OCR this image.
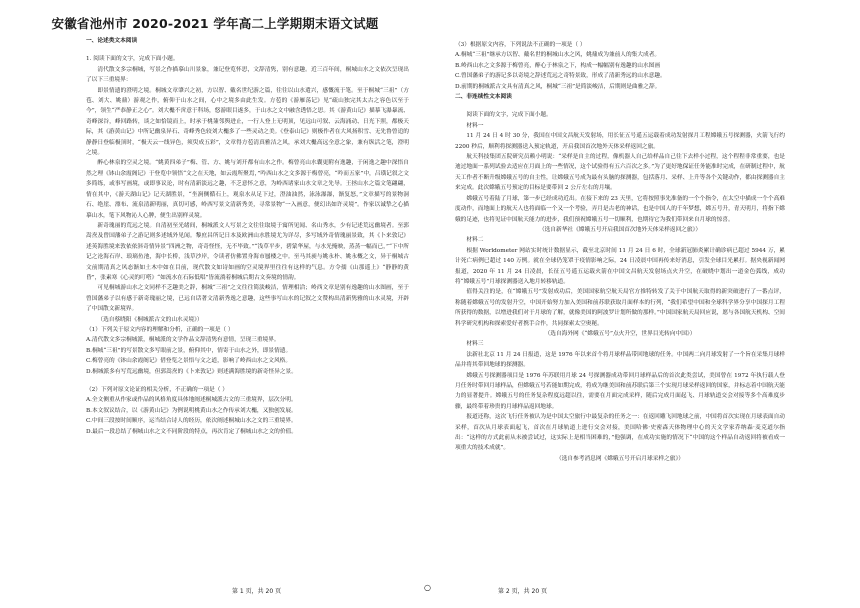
安徽省池州市 2020-2021 学年高二上学期期末语文试题

一、论述类文本阅读

1. 阅读下面的文字，完成下面小题。

清代散文多宗桐城，写景之作描摹山川景象，兼记登览怀思，文辞清隽，别有意趣。近三百年间，桐城山水之文依次呈现出了以下三重境界：

即景情遗的澄明之境。桐城文章肇兴之初，方以智、戴名世纪游之篇，往往以山水遣兴，感慨流于笔。至于桐城“三祖”（方苞、刘大、姚鼐）游观之作，俯仰于山水之间，心中之境多由此生发。方苞的《游雁荡记》见“疏山独完其太古之容色以至于今”，领生“严恭静正之心”。刘大櫆不啻意于科场，悠游眼目遂多，于山水之文中融含透悟之思。其《游黄山记》描摹飞瀑暴流、奇峰深谷，峰回路转，谈之如恰镜而上，时承于桃蒹邻舆进止，一行人登上无明顶，见远山可叙、云海涌动、日光下照，都极天际，其《游黄山记》中所记幽泉异石、奇峰秀色较刘大櫆多了一些灵动之美。《登泰山记》则极作者在大风扬积雪、无先鲁曾追的静静日登临极顶时，“极天云一线异色，须臾成五彩”，文章得方苞清真雅洁之风，承刘大櫆高远全意之象，兼有纵活之笔，澄明之境。

醉心林泉的空灵之境。“姚黄四弟子”梅、管、方、姚与刘开都有山水之作。梅曾亮山水囊更附有逸趣，于闲逸之趣中深悟自然之理《钵山余霞阁记》于登览中领悟“文之在天地，如云霞所聚焉，”吟西山水之文多源于梅曾亮，“吟而五家”中，吕璜记叙之文多简练，或事写画境，或即事议论，时有清新淡远之趣，不乏意怀之意，为岭西诸家山水文章之先导。王拯山水之篇文笔翩翩，情在其中，《游天湖山记》记天湖胜景，“坐涧侧循石上，观泉水从足下过，澄油油然，泳泳瀑瀑，渐复怒，”文章描写的景物洞石、绝崖、漂布、流泉清新明丽，真切可感，岭西写景文清新秀美，寻常景物“一入画意，便幻出如许灵境”。作家以诚挚之心描摹山水，笔下风物沁人心脾，便生出别样灵境。

新奇瑰丽的荒远之境。自清初至光绪间，桐城派文人写景之文往往取境于寓所见闻、名山秀水，少有记述荒远幽境者。至郭嵩焘及曾国藩弟子之游记则多述域外见闻。黎庶昌所记日本及欧洲山水胜境尤为详尽，多写域外奇情瑰丽景致，其《卜来敦记》述英海胜境来敦依依斜奇情异景“四洲之物，奇奇怪怪，无不毕致。”“浅草平步，碧蒙华屋，与水光掩映，蒸蒸一幅而已，”“下中所记之沧海石岸、琅璃鱼池，海中长桥，浅草沙岸，令读者仿佛置身海市蜃楼之中。至马其昶与姚永朴、姚永概之文，异于桐城古文前期清真之风态渐如土木中如在目前，现代散文如诗如画的空灵境界里往往有这样的气息。方令孺《山那遥上》“静静的黄昏”，张素寒《心灵的叮嗒》“如流水在石际低唱”皆流淌着桐城后期古文奏境的情韵。

可见桐城游山水之文同样不乏趣美之辞，桐城“三祖”之文往往简淡峻洁，情理相洽；岭西文章是别有逸趣的山水图画，至于曾国藩弟子以有感于新奇瑰丽之境，已远自话著文清新秀逸之意趣，这些事写山水的记叙之文赞构出清新隽雅的山水灵境，开辟了中国散文新境界。

（选自蔡晓阳《桐城派古文的山水灵境》）

（1）下列关于原文内容的理解和分析，正确的一项是（ ）

A.清代散文多宗桐城派，桐城派的文学作品文辞清隽有意情，呈现三重境界。

B.桐城“三祖”的写景散文多写眼前之景，俯仰其中，情寄于山水之外，即景情遗。

C.梅曾亮的《钵山余霞阁记》借登览之景悟与文之道，影响了岭西山水之文风格。

D.桐城派多有写荒远幽境，但郭嵩焘的《卜来敦记》则述满海胜境的新奇怪异之景。

（2）下列对原文论证的相关分析，不正确的一项是（ ）

A.全文侧重从作家或作品的风格角度具体地阐述桐城派古文的三重境界，层次分明。

B.本文叙议结合，以《游黄山记》为例说明桃黄山水之作传承刘大櫆，又独创发展。

C.中间三段按时间顺序，运当结合诗人的经历，依次阐述桐城山水之文的三重境界。

D.最后一段总结了桐城山水之文不同阶段的特点，再次肯定了桐城山水之文的价值。

（3）根据原文内容，下列说法不正确的一项是（ ）

A.桐城“三祖”继承方以智、戴名世的桐城山水之风，姚鼐成为兼前人的集大成者。

B.岭西山水之文多源于梅曾亮，醉心于林泉之下，构成一幅幅别有逸趣的山水图画

C.曾国藩弟子的游记多以奇境之辞述荒远之奇特景致，形成了清新秀远的山水意趣。

D.前期的桐城派古文具有清真之风，桐城“三祖”是简淡峻洁，后期则是曲雅之辞。

二、非连续性文本阅读

阅读下面的文字，完成下面小题。

材料一

11 月 24 日 4 时 30 分，我国在中国文昌航天发射场，用长征五号遥五运载着成功发射探月工程嫦娥五号探测器，火箭飞行约 2200 秒后，顺利将探测器送入预定轨道，开启我国首次地外天体采样返回之旅。

航天科技集团五院研究员赖小明说：“采样是自主的过程，像机器人自己给样品自己往下去样小过程，这个程程非常重要，也是迪过地面一系列试验去适应在月面上的一些情况，这个试验得有五六百次之多。”为了更好地保证任务能准时完成，在研制过程中，航天工作者不断升级嫦娥五号的自主性，让嫦娥五号成为最有头脑的探测器，包括落月、采样、上升等各个关键动作，都由探测器自主来完成。此次嫦娥五号预定的目标是要带回 2 公斤左右的月壤。

嫦娥五号着陆了月球，第一步已经成功近出。在接下来的 23 天里，它将按照事先准备的一个个指令，在太空中描成一个个高难度动作，而地面上的航天人也将面临一个又一个考验，弄月是古老的神话，也是中国人的千年梦想，嫦五号升，青天明月，将指下嫦娥的足迹，也将见证中国航天能力的进步，我们预祝嫦娥五号一切顺利，也期待它为我们带回来自月球的惊喜。

（选自新华社《嫦娥五号开启我国首次地外天体采样返回之旅》）

材料二

根据 Worldometer 网站实时统计数据显示，截至北京时间 11 月 24 日 6 时，全球新冠肺炎累计确诊病已超过 5944 万，累计死亡病例已超过 140 万例。就在全球仍笼罩于疫情影响之际，24 日凌晨中国再传来好消息，引发全球目光累打。据央视新闻网报道，2020 年 11 月 24 日凌晨，长征五号遥五运载火箭在中国文昌航天发射场点火升空，在破晓中划出一道金色弧线，成功将“嫦娥五号”月球探测器送入地月转移轨道。

值得关注的是，在“嫦娥五号”发射成功后，美国国家航空航天局官方推特转发了关于中国航天取得的新突破进行了一番点评，称随着嫦娥五号的发射升空，中国开始努力加入美国和前苏联获取月面样本的行列，“我们希望中国和全球科学界分享中国探月工程所获得的数据，以增进我们对于月球的了解，就像美国的阿波罗计划所做的那样。”中国国家航天局回应说，愿与各国航天机构、空间科学研究机构和探索爱好者携手合作，共同探索太空奥秘。

（选自海外网《“嫦娥五号”点火升空，世界目光转向中国》）

材料三

法新社北京 11 月 24 日报道，这是 1976 年以来首个将月球样品带回地球的任务。中国两二向月球发射了一个旨在采集月球样品并将其带回地球的探测器。

嫦娥五号探测器项目是 1976 年苏联用月球 24 号探测器成功带回月球样品后的首次此类尝试，美国曾在 1972 年执行载人登月任务时带回月球样品，但嫦娥五号若能如期完成，将成为继美国和前苏联后第三个实现月球采样返回的国家，并标志着中国航天能力的显著提升。嫦娥五号的任务复杂程度远超以往，需要在月面完成采样，随后完成月面起飞、月球轨道交会对接等多个高难度步骤，最终带着珍贵的月球样品返回地球。

报道还称，这次飞行任务被认为是中国太空旅行中最复杂的任务之一：在返回雕飞回地球之前，中国将首次实现在月球表面自动采样，首次从月球表面起飞，首次在月球轨道上进行交会对接，美国哈佛·史密森天体物理中心的天文学家乔纳森·麦克道尔指出：“这样的方式此前从未被尝试过，这实际上是相当困难的，”他强调，在成功实施的情况下“中国的这个样品自动返回将被看成一项重大的技术成就”。

（选自参考消息网《嫦娥五号开启月球采样之旅》）

第 1 页，共 20 页	○	第 2 页，共 20 页
